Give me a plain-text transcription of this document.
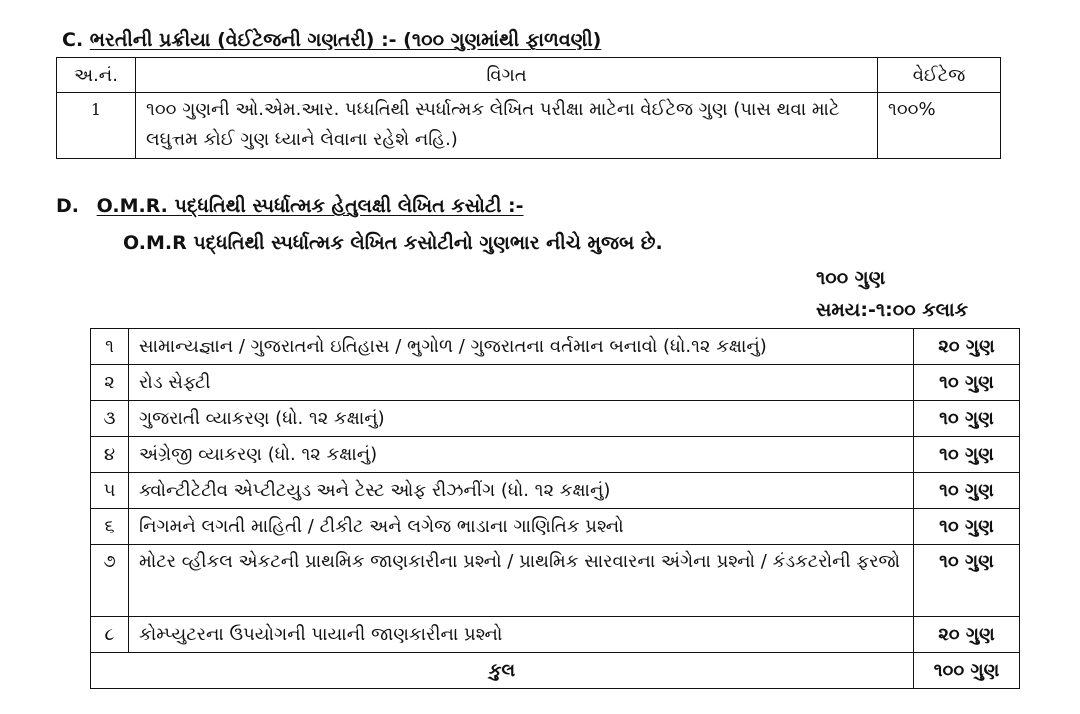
C. ભરતીની પ્રક્રીયા (વેઈટેજની ગણતરી) :- (૧૦૦ ગુણમાંથી ફાળવણી)
અ.નં.	વિગત	વેઈટેજ
1	૧૦૦ ગુણની ઓ.એમ.આર. પધ્ધતિથી સ્પર્ધાત્મક લેખિત પરીક્ષા માટેના વેઈટેજ ગુણ (પાસ થવા માટે લઘુત્તમ કોઈ ગુણ ધ્યાને લેવાના રહેશે નહિ.)	૧૦૦%
D. O.M.R. પદ્ધતિથી સ્પર્ધાત્મક હેતુલક્ષી લેખિત કસોટી :-
O.M.R પદ્ધતિથી સ્પર્ધાત્મક લેખિત કસોટીનો ગુણભાર નીચે મુજબ છે.
૧૦૦ ગુણ
સમય:-૧:૦૦ કલાક
૧	સામાન્યજ્ઞાન / ગુજરાતનો ઇતિહાસ / ભુગોળ / ગુજરાતના વર્તમાન બનાવો (ધો.૧૨ કક્ષાનું)	૨૦ ગુણ
૨	રોડ સેફ્ટી	૧૦ ગુણ
૩	ગુજરાતી વ્યાકરણ (ધો. ૧૨ કક્ષાનું)	૧૦ ગુણ
૪	અંગ્રેજી વ્યાકરણ (ધો. ૧૨ કક્ષાનું)	૧૦ ગુણ
૫	ક્વોન્ટીટેટીવ એપ્ટીટયુડ અને ટેસ્ટ ઓફ રીઝનીંગ (ધો. ૧૨ કક્ષાનું)	૧૦ ગુણ
૬	નિગમને લગતી માહિતી / ટીકીટ અને લગેજ ભાડાના ગાણિતિક પ્રશ્નો	૧૦ ગુણ
૭	મોટર વ્હીકલ એકટની પ્રાથમિક જાણકારીના પ્રશ્નો / પ્રાથમિક સારવારના અંગેના પ્રશ્નો / કંડકટરોની ફરજો	૧૦ ગુણ
૮	કોમ્પ્યુટરના ઉપયોગની પાયાની જાણકારીના પ્રશ્નો	૨૦ ગુણ
કુલ		૧૦૦ ગુણ
